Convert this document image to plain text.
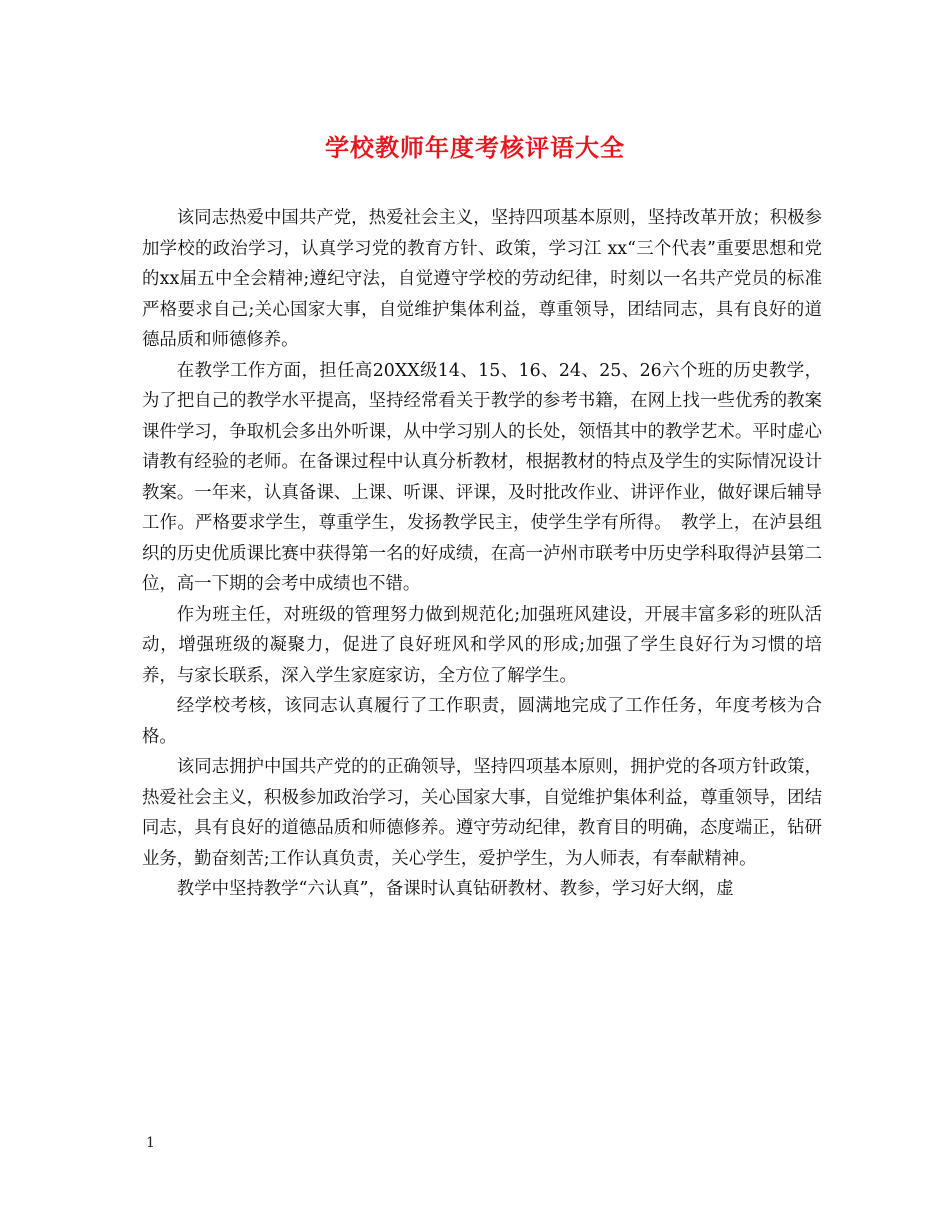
学校教师年度考核评语大全

该同志热爱中国共产党，热爱社会主义，坚持四项基本原则，坚持改革开放；积极参加学校的政治学习，认真学习党的教育方针、政策，学习江 xx“三个代表”重要思想和党的xx届五中全会精神;遵纪守法，自觉遵守学校的劳动纪律，时刻以一名共产党员的标准严格要求自己;关心国家大事，自觉维护集体利益，尊重领导，团结同志，具有良好的道德品质和师德修养。

在教学工作方面，担任高20XX级14、15、16、24、25、26六个班的历史教学，为了把自己的教学水平提高，坚持经常看关于教学的参考书籍，在网上找一些优秀的教案课件学习，争取机会多出外听课，从中学习别人的长处，领悟其中的教学艺术。平时虚心请教有经验的老师。在备课过程中认真分析教材，根据教材的特点及学生的实际情况设计教案。一年来，认真备课、上课、听课、评课，及时批改作业、讲评作业，做好课后辅导工作。严格要求学生，尊重学生，发扬教学民主，使学生学有所得。　教学上，在泸县组织的历史优质课比赛中获得第一名的好成绩，在高一泸州市联考中历史学科取得泸县第二位，高一下期的会考中成绩也不错。

作为班主任，对班级的管理努力做到规范化;加强班风建设，开展丰富多彩的班队活动，增强班级的凝聚力，促进了良好班风和学风的形成;加强了学生良好行为习惯的培养，与家长联系，深入学生家庭家访，全方位了解学生。

经学校考核，该同志认真履行了工作职责，圆满地完成了工作任务，年度考核为合格。

该同志拥护中国共产党的的正确领导，坚持四项基本原则，拥护党的各项方针政策，热爱社会主义，积极参加政治学习，关心国家大事，自觉维护集体利益，尊重领导，团结同志，具有良好的道德品质和师德修养。遵守劳动纪律，教育目的明确，态度端正，钻研业务，勤奋刻苦;工作认真负责，关心学生，爱护学生，为人师表，有奉献精神。

教学中坚持教学“六认真”，备课时认真钻研教材、教参，学习好大纲，虚

1
